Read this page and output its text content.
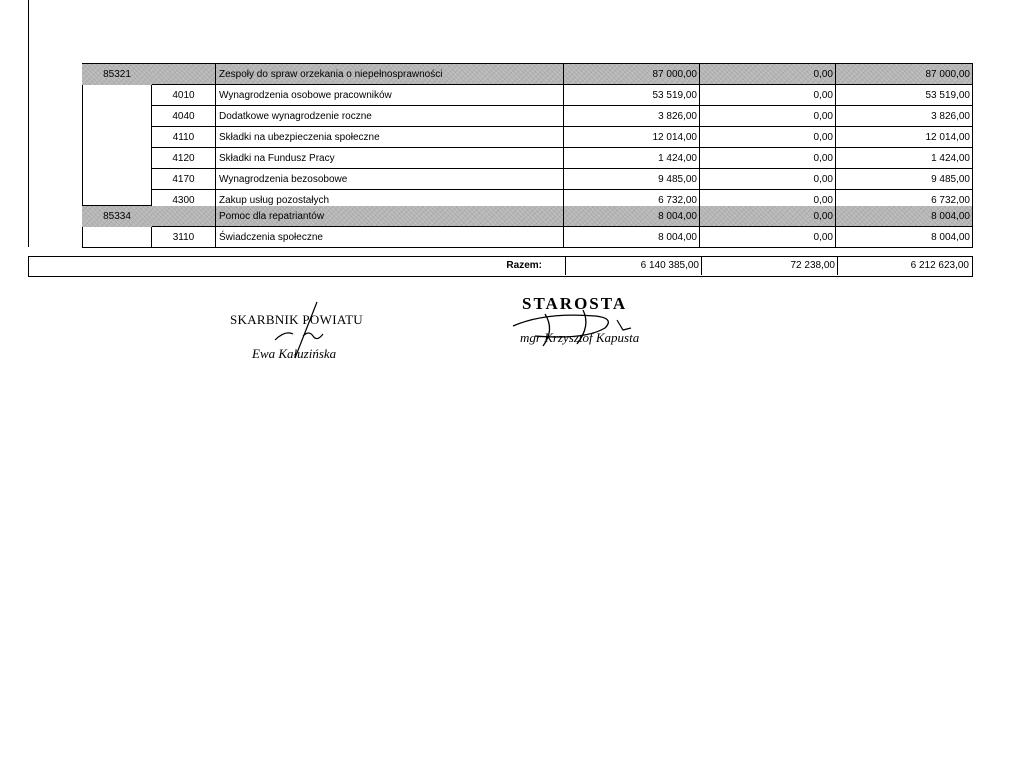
85321	Zespoły do spraw orzekania o niepełnosprawności	87 000,00	0,00	87 000,00
4010	Wynagrodzenia osobowe pracowników	53 519,00	0,00	53 519,00
4040	Dodatkowe wynagrodzenie roczne	3 826,00	0,00	3 826,00
4110	Składki na ubezpieczenia społeczne	12 014,00	0,00	12 014,00
4120	Składki na Fundusz Pracy	1 424,00	0,00	1 424,00
4170	Wynagrodzenia bezosobowe	9 485,00	0,00	9 485,00
4300	Zakup usług pozostałych	6 732,00	0,00	6 732,00
85334	Pomoc dla repatriantów	8 004,00	0,00	8 004,00
3110	Świadczenia społeczne	8 004,00	0,00	8 004,00
Razem:	6 140 385,00	72 238,00	6 212 623,00
SKARBNIK POWIATU
Ewa Kałuzińska
STAROSTA
mgr Krzysztof Kapusta
